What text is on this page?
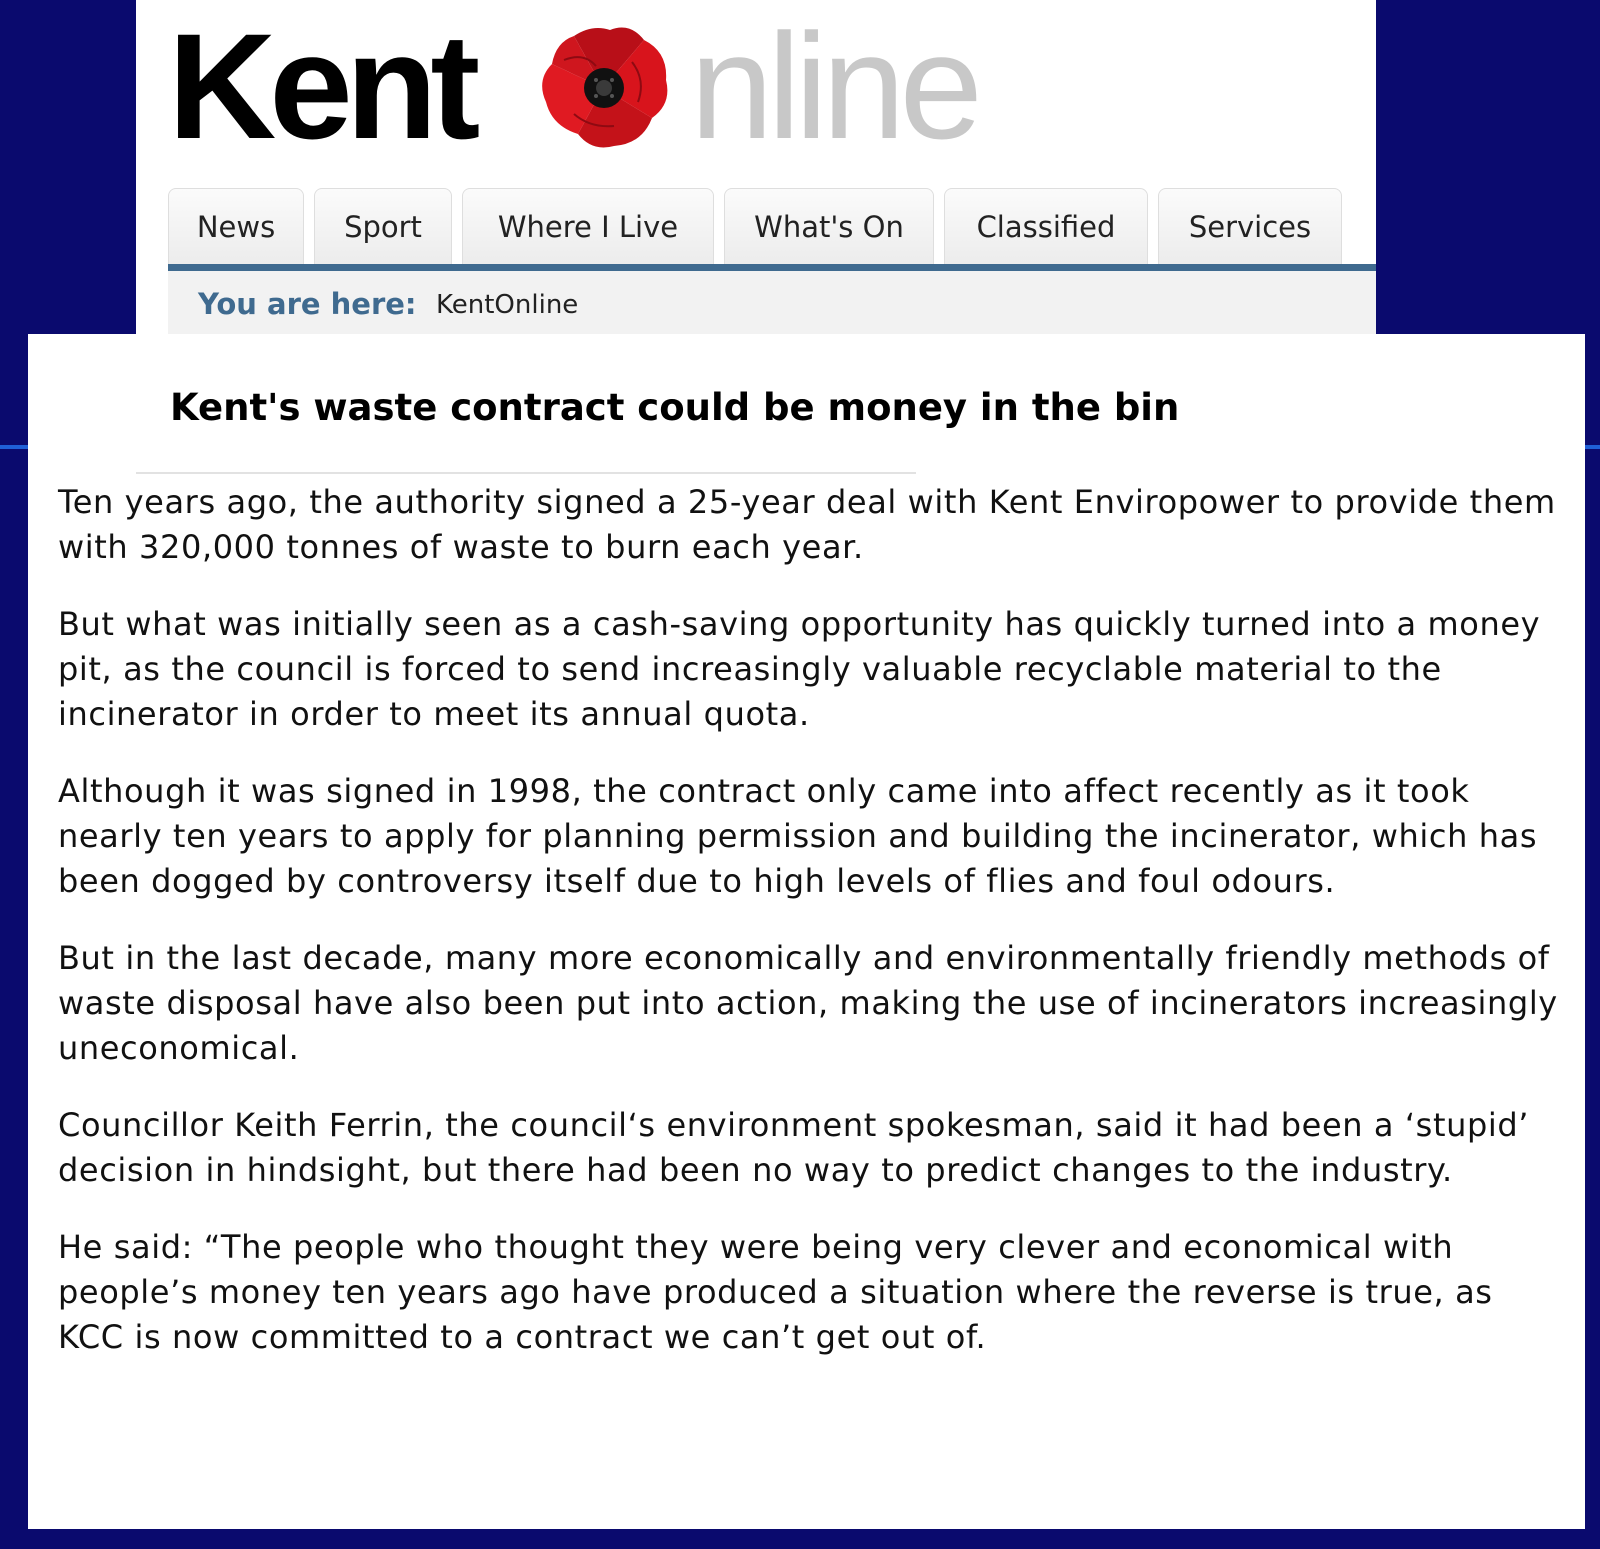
Kent nline
News	Sport	Where I Live	What's On	Classified	Services
You are here: KentOnline
Kent's waste contract could be money in the bin

Ten years ago, the authority signed a 25-year deal with Kent Enviropower to provide them with 320,000 tonnes of waste to burn each year.

But what was initially seen as a cash-saving opportunity has quickly turned into a money pit, as the council is forced to send increasingly valuable recyclable material to the incinerator in order to meet its annual quota.

Although it was signed in 1998, the contract only came into affect recently as it took nearly ten years to apply for planning permission and building the incinerator, which has been dogged by controversy itself due to high levels of flies and foul odours.

But in the last decade, many more economically and environmentally friendly methods of waste disposal have also been put into action, making the use of incinerators increasingly uneconomical.

Councillor Keith Ferrin, the council‘s environment spokesman, said it had been a ‘stupid’ decision in hindsight, but there had been no way to predict changes to the industry.

He said: “The people who thought they were being very clever and economical with people’s money ten years ago have produced a situation where the reverse is true, as KCC is now committed to a contract we can’t get out of.
